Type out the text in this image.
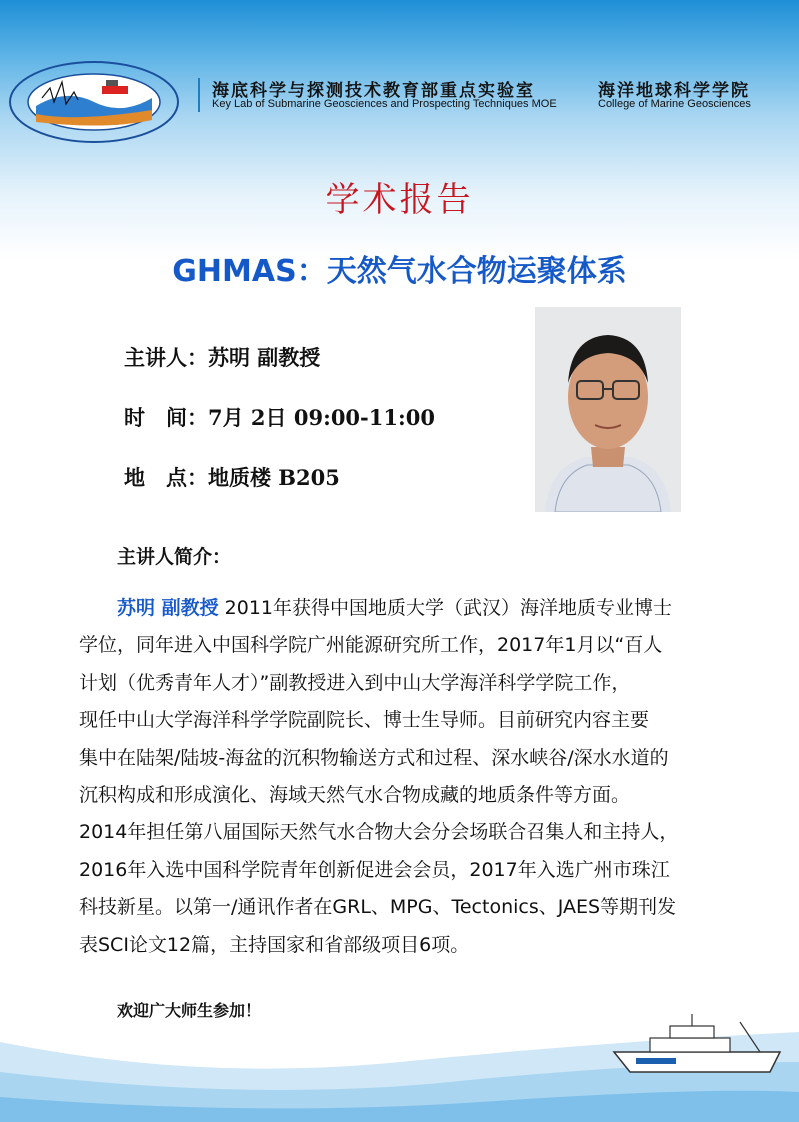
海底科学与探测技术教育部重点实验室
Key Lab of Submarine Geosciences and Prospecting Techniques MOE
海洋地球科学学院
College of Marine Geosciences
学术报告
GHMAS：天然气水合物运聚体系
主讲人：苏明 副教授
时　间：7月 2日 09:00-11:00
地　点：地质楼 B205
主讲人简介：
苏明 副教授 2011年获得中国地质大学（武汉）海洋地质专业博士
学位，同年进入中国科学院广州能源研究所工作，2017年1月以“百人
计划（优秀青年人才）”副教授进入到中山大学海洋科学学院工作，
现任中山大学海洋科学学院副院长、博士生导师。目前研究内容主要
集中在陆架/陆坡-海盆的沉积物输送方式和过程、深水峡谷/深水水道的
沉积构成和形成演化、海域天然气水合物成藏的地质条件等方面。
2014年担任第八届国际天然气水合物大会分会场联合召集人和主持人，
2016年入选中国科学院青年创新促进会会员，2017年入选广州市珠江
科技新星。以第一/通讯作者在GRL、MPG、Tectonics、JAES等期刊发
表SCI论文12篇，主持国家和省部级项目6项。
欢迎广大师生参加！
